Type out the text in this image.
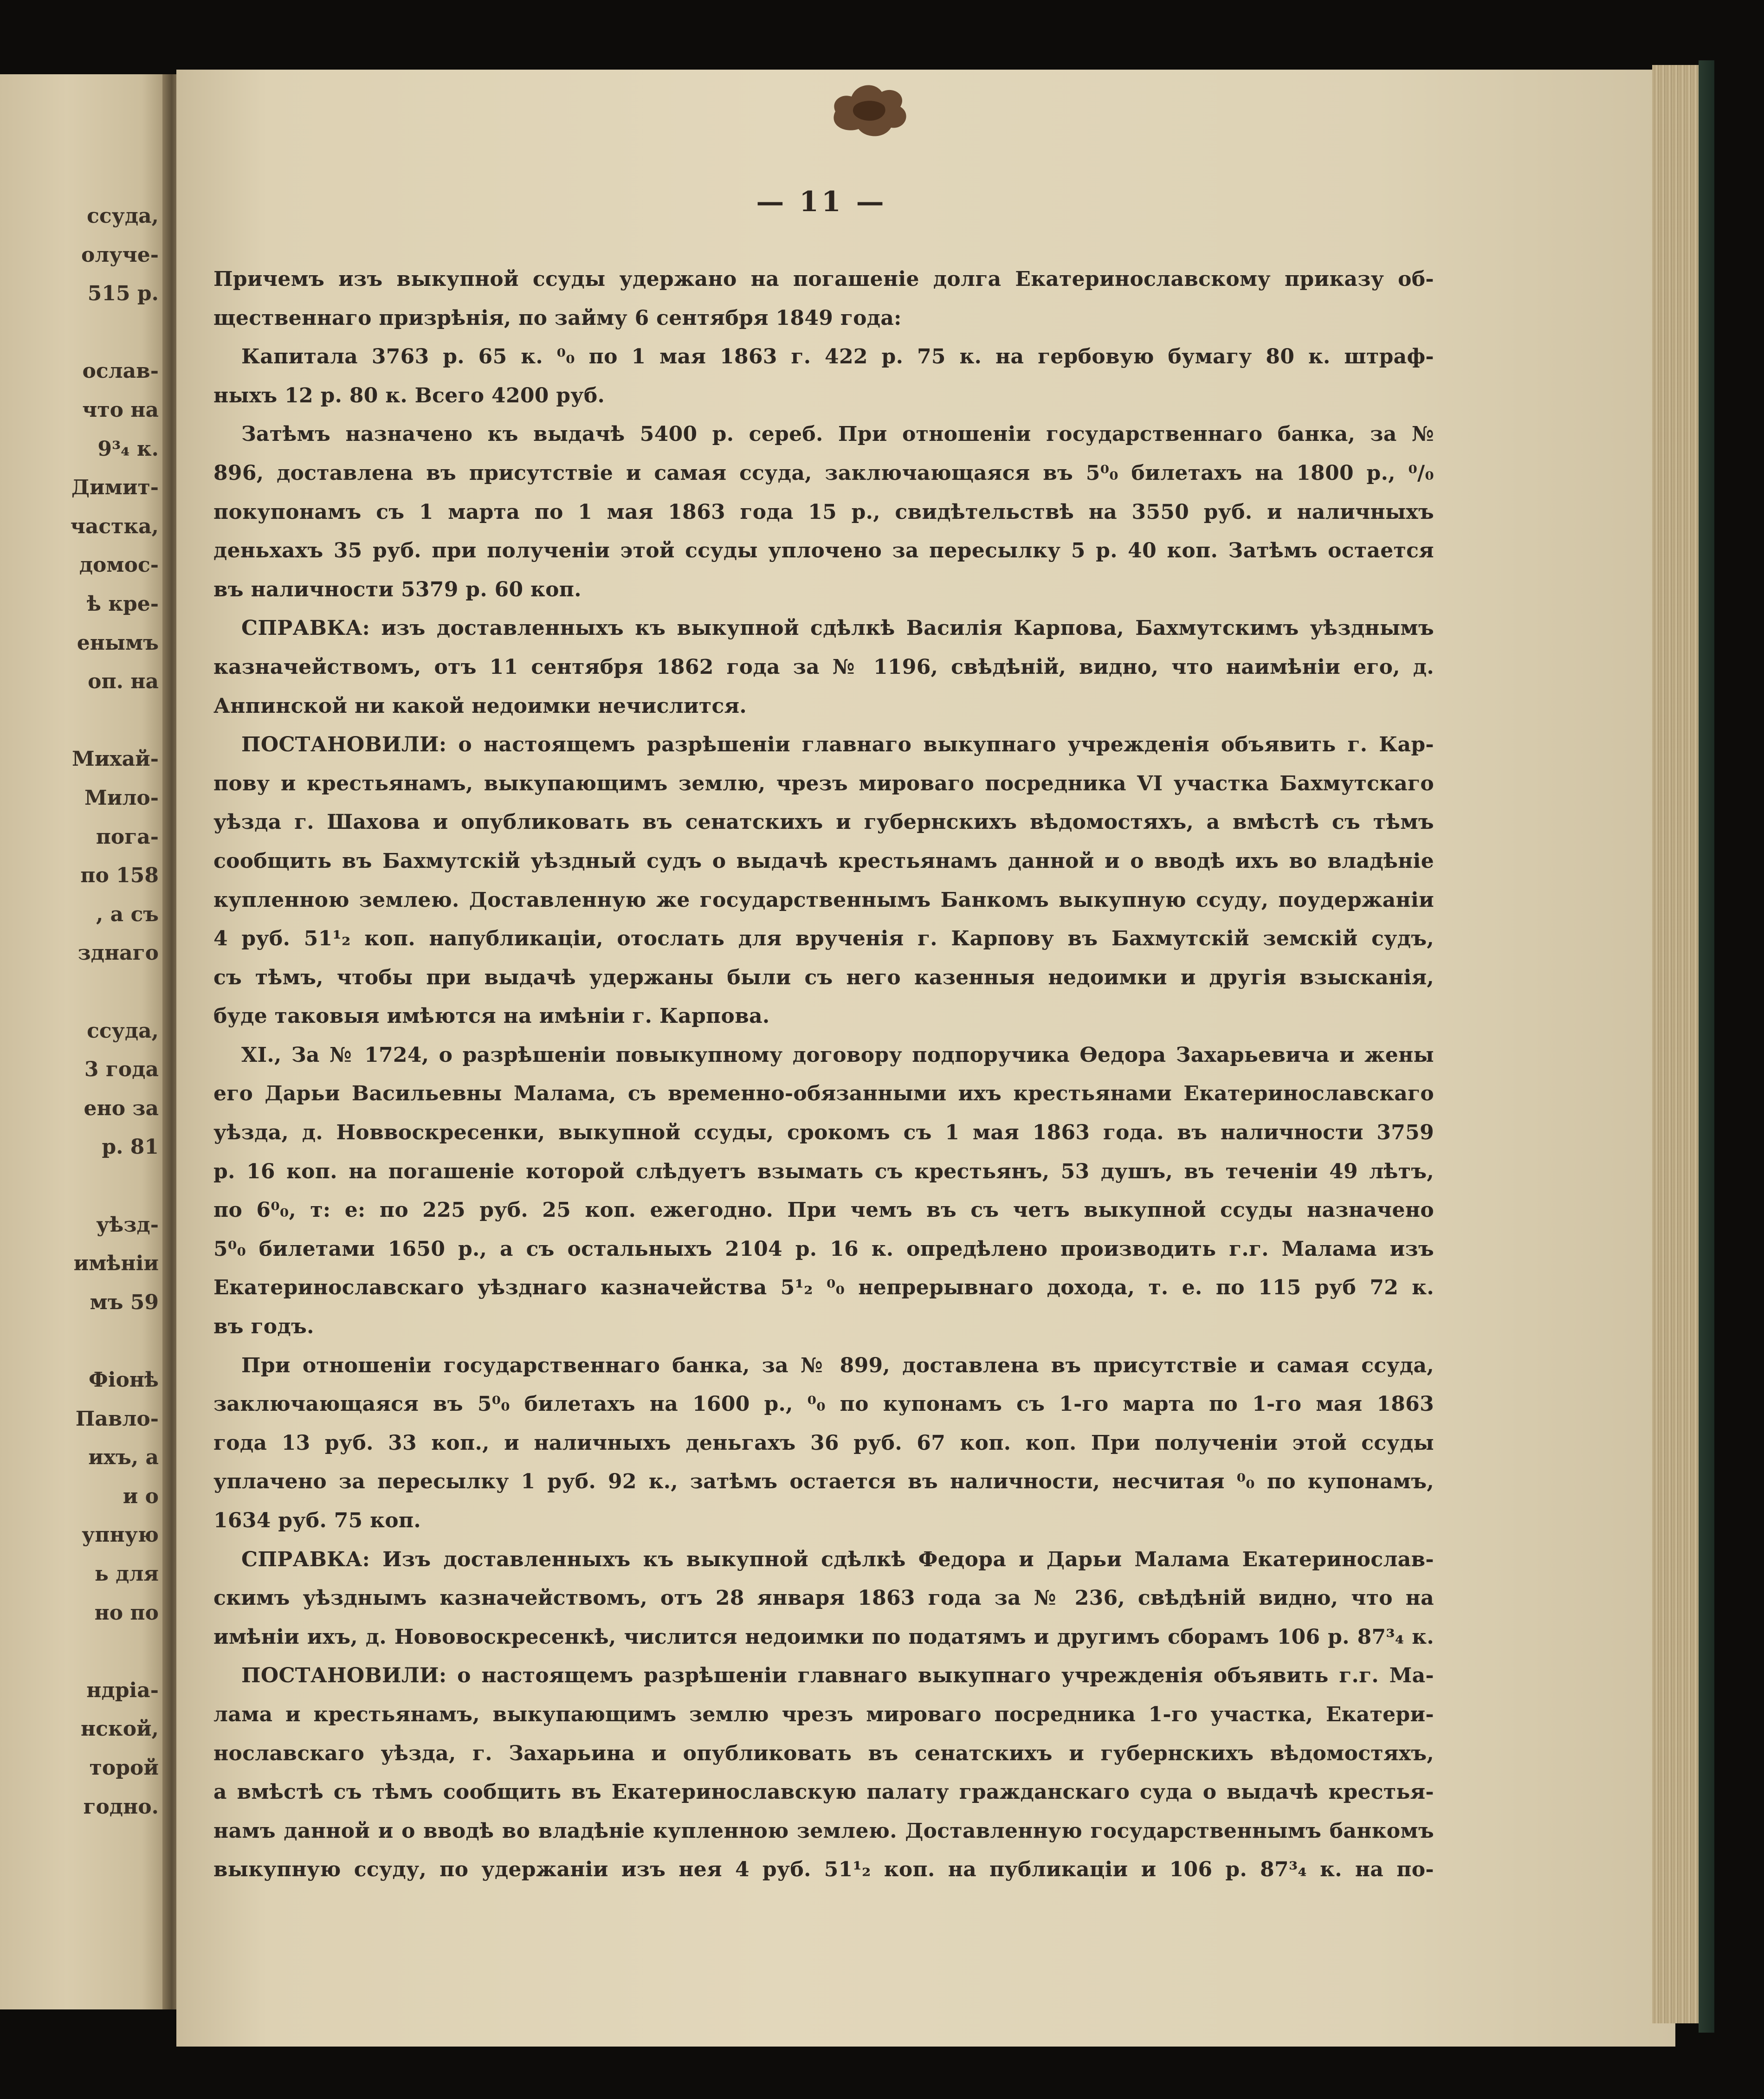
ссуда,
олуче-
515 р.
ослав-
что на
9³₄ к.
Димит-
частка,
домос-
ѣ кре-
енымъ
оп. на
Михай-
Мило-
пога-
по 158
, а съ
зднаго
ссуда,
3 года
ено за
р. 81
уѣзд-
имѣніи
мъ 59
Фіонѣ
Павло-
ихъ, а
и о
упную
ь для
но по
ндріа-
нской,
торой
годно.
— 11 —
Причемъ изъ выкупной ссуды удержано на погашеніе долга Екатеринославскому приказу об-
щественнаго призрѣнія, по займу 6 сентября 1849 года:
Капитала 3763 р. 65 к. ⁰₀ по 1 мая 1863 г. 422 р. 75 к. на гербовую бумагу 80 к. штраф-
ныхъ 12 р. 80 к. Всего 4200 руб.
Затѣмъ назначено къ выдачѣ 5400 р. сереб. При отношеніи государственнаго банка, за №
896, доставлена въ присутствіе и самая ссуда, заключающаяся въ 5⁰₀ билетахъ на 1800 р., ⁰/₀
покупонамъ съ 1 марта по 1 мая 1863 года 15 р., свидѣтельствѣ на 3550 руб. и наличныхъ
деньхахъ 35 руб. при полученіи этой ссуды уплочено за пересылку 5 р. 40 коп. Затѣмъ остается
въ наличности 5379 р. 60 коп.
СПРАВКА: изъ доставленныхъ къ выкупной сдѣлкѣ Василія Карпова, Бахмутскимъ уѣзднымъ
казначействомъ, отъ 11 сентября 1862 года за № 1196, свѣдѣній, видно, что наимѣніи его, д.
Анпинской ни какой недоимки нечислится.
ПОСТАНОВИЛИ: о настоящемъ разрѣшеніи главнаго выкупнаго учрежденія объявить г. Кар-
пову и крестьянамъ, выкупающимъ землю, чрезъ мироваго посредника VI участка Бахмутскаго
уѣзда г. Шахова и опубликовать въ сенатскихъ и губернскихъ вѣдомостяхъ, а вмѣстѣ съ тѣмъ
сообщить въ Бахмутскій уѣздный судъ о выдачѣ крестьянамъ данной и о вводѣ ихъ во владѣніе
купленною землею. Доставленную же государственнымъ Банкомъ выкупную ссуду, поудержаніи
4 руб. 51¹₂ коп. напубликаціи, отослать для врученія г. Карпову въ Бахмутскій земскій судъ,
съ тѣмъ, чтобы при выдачѣ удержаны были съ него казенныя недоимки и другія взысканія,
буде таковыя имѣются на имѣніи г. Карпова.
XI., За № 1724, о разрѣшеніи повыкупному договору подпоручика Ѳедора Захарьевича и жены
его Дарьи Васильевны Малама, съ временно-обязанными ихъ крестьянами Екатеринославскаго
уѣзда, д. Новвоскресенки, выкупной ссуды, срокомъ съ 1 мая 1863 года. въ наличности 3759
р. 16 коп. на погашеніе которой слѣдуетъ взымать съ крестьянъ, 53 душъ, въ теченіи 49 лѣтъ,
по 6⁰₀, т: е: по 225 руб. 25 коп. ежегодно. При чемъ въ съ четъ выкупной ссуды назначено
5⁰₀ билетами 1650 р., а съ остальныхъ 2104 р. 16 к. опредѣлено производить г.г. Малама изъ
Екатеринославскаго уѣзднаго казначейства 5¹₂ ⁰₀ непрерывнаго дохода, т. е. по 115 руб 72 к.
въ годъ.
При отношеніи государственнаго банка, за № 899, доставлена въ присутствіе и самая ссуда,
заключающаяся въ 5⁰₀ билетахъ на 1600 р., ⁰₀ по купонамъ съ 1-го марта по 1-го мая 1863
года 13 руб. 33 коп., и наличныхъ деньгахъ 36 руб. 67 коп. коп. При полученіи этой ссуды
уплачено за пересылку 1 руб. 92 к., затѣмъ остается въ наличности, несчитая ⁰₀ по купонамъ,
1634 руб. 75 коп.
СПРАВКА: Изъ доставленныхъ къ выкупной сдѣлкѣ Федора и Дарьи Малама Екатеринослав-
скимъ уѣзднымъ казначействомъ, отъ 28 января 1863 года за № 236, свѣдѣній видно, что на
имѣніи ихъ, д. Нововоскресенкѣ, числится недоимки по податямъ и другимъ сборамъ 106 р. 87³₄ к.
ПОСТАНОВИЛИ: о настоящемъ разрѣшеніи главнаго выкупнаго учрежденія объявить г.г. Ма-
лама и крестьянамъ, выкупающимъ землю чрезъ мироваго посредника 1-го участка, Екатери-
нославскаго уѣзда, г. Захарьина и опубликовать въ сенатскихъ и губернскихъ вѣдомостяхъ,
а вмѣстѣ съ тѣмъ сообщить въ Екатеринославскую палату гражданскаго суда о выдачѣ крестья-
намъ данной и о вводѣ во владѣніе купленною землею. Доставленную государственнымъ банкомъ
выкупную ссуду, по удержаніи изъ нея 4 руб. 51¹₂ коп. на публикаціи и 106 р. 87³₄ к. на по-
